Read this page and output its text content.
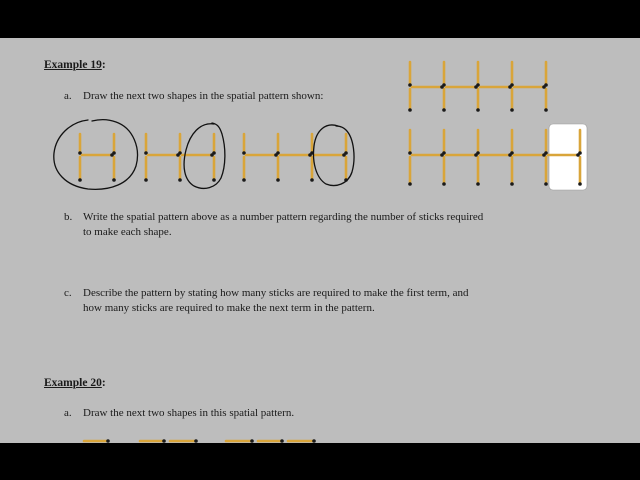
Example 19:

a. Draw the next two shapes in the spatial pattern shown:

b. Write the spatial pattern above as a number pattern regarding the number of sticks required

to make each shape.

c. Describe the pattern by stating how many sticks are required to make the first term, and

how many sticks are required to make the next term in the pattern.

Example 20:

a. Draw the next two shapes in this spatial pattern.
